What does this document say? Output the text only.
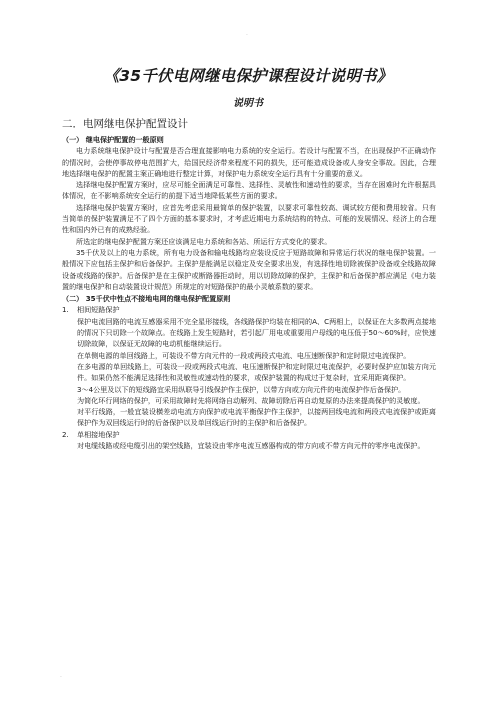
.
《35千伏电网继电保护课程设计说明书》
说明书
二．电网继电保护配置设计
（一） 继电保护配置的一般原则

电力系统继电保护设计与配置是否合理直接影响电力系统的安全运行。若设计与配置不当，在出现保护不正确动作的情况时，会使停事故停电范围扩大，给国民经济带来程度不同的损失，还可能造成设备或人身安全事故。因此，合理地选择继电保护的配置主案正确地进行整定计算，对保护电力系统安全运行具有十分重要的意义。

选择继电保护配置方案时，应尽可能全面满足可靠性、选择性、灵敏性和速动性的要求，当存在困难时允许根据具体情况，在不影响系统安全运行的前提下适当地降低某些方面的要求。

选择继电保护装置方案时，应首先考虑采用最简单的保护装置，以要求可靠性较高、调试较方便和费用较省。只有当简单的保护装置满足不了四个方面的基本要求时，才考虑近期电力系统结构的特点、可能的发展情况、经济上的合理性和国内外已有的成熟经验。

所选定的继电保护配置方案还应该满足电力系统和各站、所运行方式变化的要求。

35千伏及以上的电力系统，所有电力设备和输电线路均应装设反应于短路故障和异常运行状况的继电保护装置。一般情况下应包括主保护和后备保护。主保护是能满足以稳定及安全要求出发，有选择性地切除被保护设备或全线路故障设备或线路的保护。后备保护是在主保护或断路器拒动时，用以切除故障的保护，主保护和后备保护都应满足《电力装置的继电保护和自动装置设计规范》所规定的对短路保护的最小灵敏系数的要求。

（二） 35千伏中性点不接地电网的继电保护配置原则
1. 相间短路保护

保护电流回路的电流互感器采用不完全星形接线，各线路保护均装在相同的A、C两相上，以保证在大多数两点接地的情况下只切除一个故障点。在线路上发生短路时，若引起厂用电或重要用户母线的电压低于50～60%时，应快速切除故障，以保证无故障的电动机能继续运行。

在单侧电源的单回线路上，可装设不带方向元件的一段或两段式电流、电压速断保护和定时限过电流保护。

在多电源的单回线路上，可装设一段或两段式电流、电压速断保护和定时限过电流保护，必要时保护应加装方向元件。如果仍然不能满足选择性和灵敏性或速动性的要求，或保护装置的构成过于复杂时，宜采用距离保护。

3～4公里及以下的短线路宜采用纵联导引线保护作主保护，以带方向或方向元件的电流保护作后备保护。

为简化环行网络的保护，可采用故障时先将网络自动解列、故障切除后再自动复原的办法来提高保护的灵敏度。

对平行线路，一般宜装设横差动电流方向保护或电流平衡保护作主保护，以接两回线电流和两段式电流保护或距离保护作为双回线运行时的后备保护以及单回线运行时的主保护和后备保护。

2. 单相接地保护

对电缆线路或经电缆引出的架空线路，宜装设由零序电流互感器构成的带方向或不带方向元件的零序电流保护。

.
